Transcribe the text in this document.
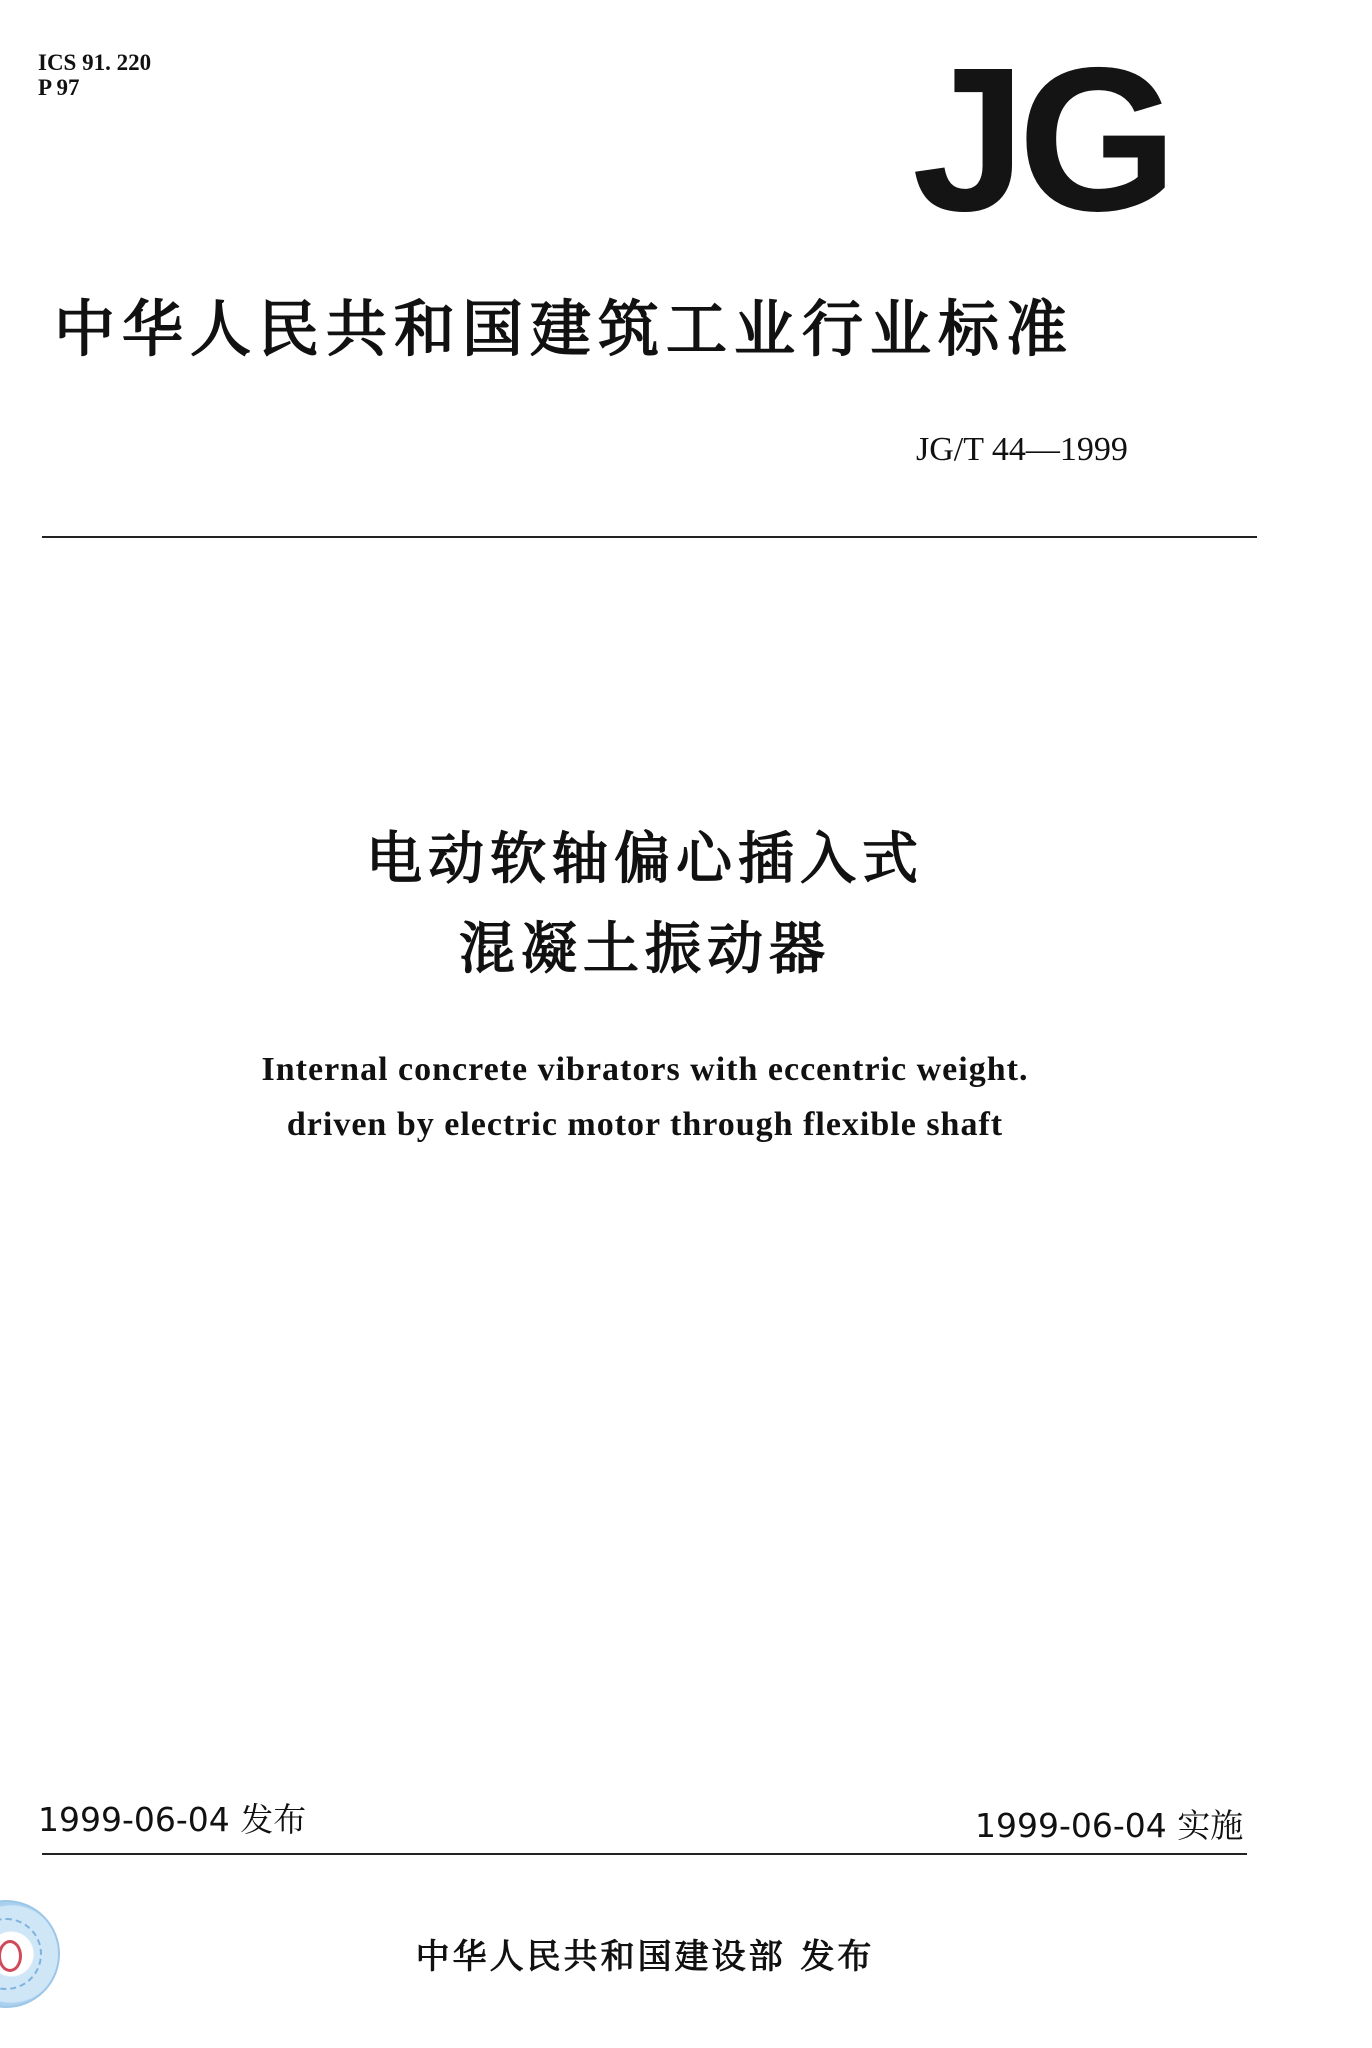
ICS 91. 220
P 97	JG
中华人民共和国建筑工业行业标准
JG/T 44—1999
电动软轴偏心插入式
混凝土振动器
Internal concrete vibrators with eccentric weight.
driven by electric motor through flexible shaft
1999-06-04 发布	1999-06-04 实施
中华人民共和国建设部 发布
